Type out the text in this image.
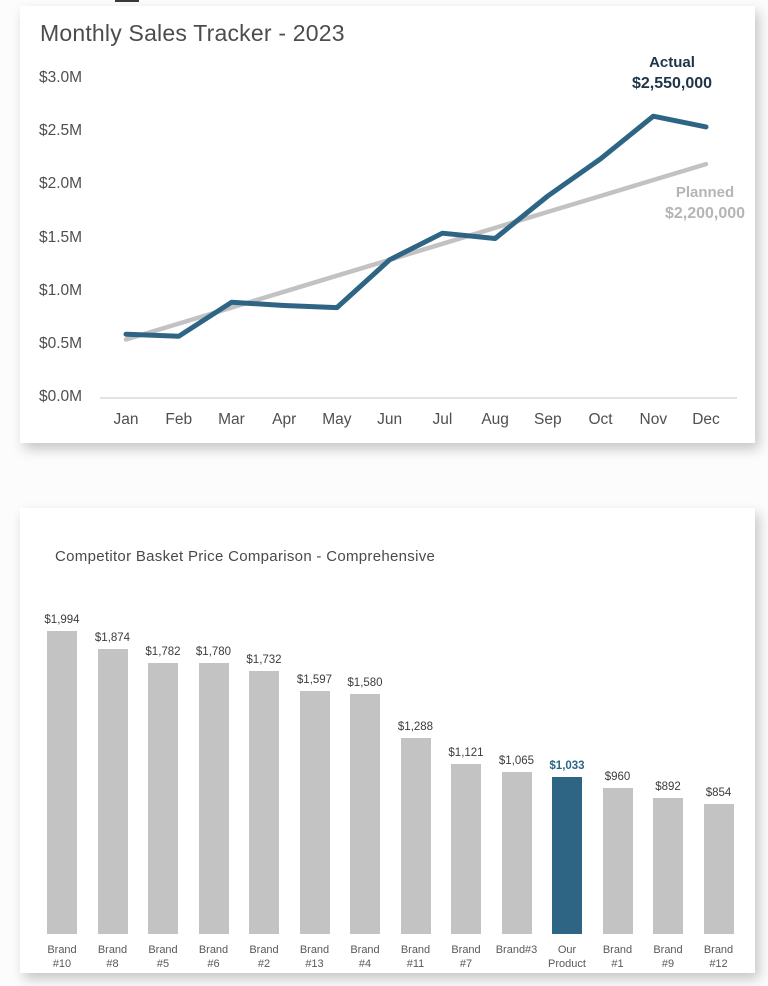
Monthly Sales Tracker - 2023
$3.0M
$2.5M
$2.0M
$1.5M
$1.0M
$0.5M
$0.0M
Jan	Feb	Mar	Apr	May	Jun	Jul	Aug	Sep	Oct	Nov	Dec
Actual
$2,550,000
Planned
$2,200,000
Competitor Basket Price Comparison - Comprehensive
$1,994
Brand
#10
$1,874
Brand
#8
$1,782
Brand
#5
$1,780
Brand
#6
$1,732
Brand
#2
$1,597
Brand
#13
$1,580
Brand
#4
$1,288
Brand
#11
$1,121
Brand
#7
$1,065
Brand#3
$1,033
Our
Product
$960
Brand
#1
$892
Brand
#9
$854
Brand
#12
